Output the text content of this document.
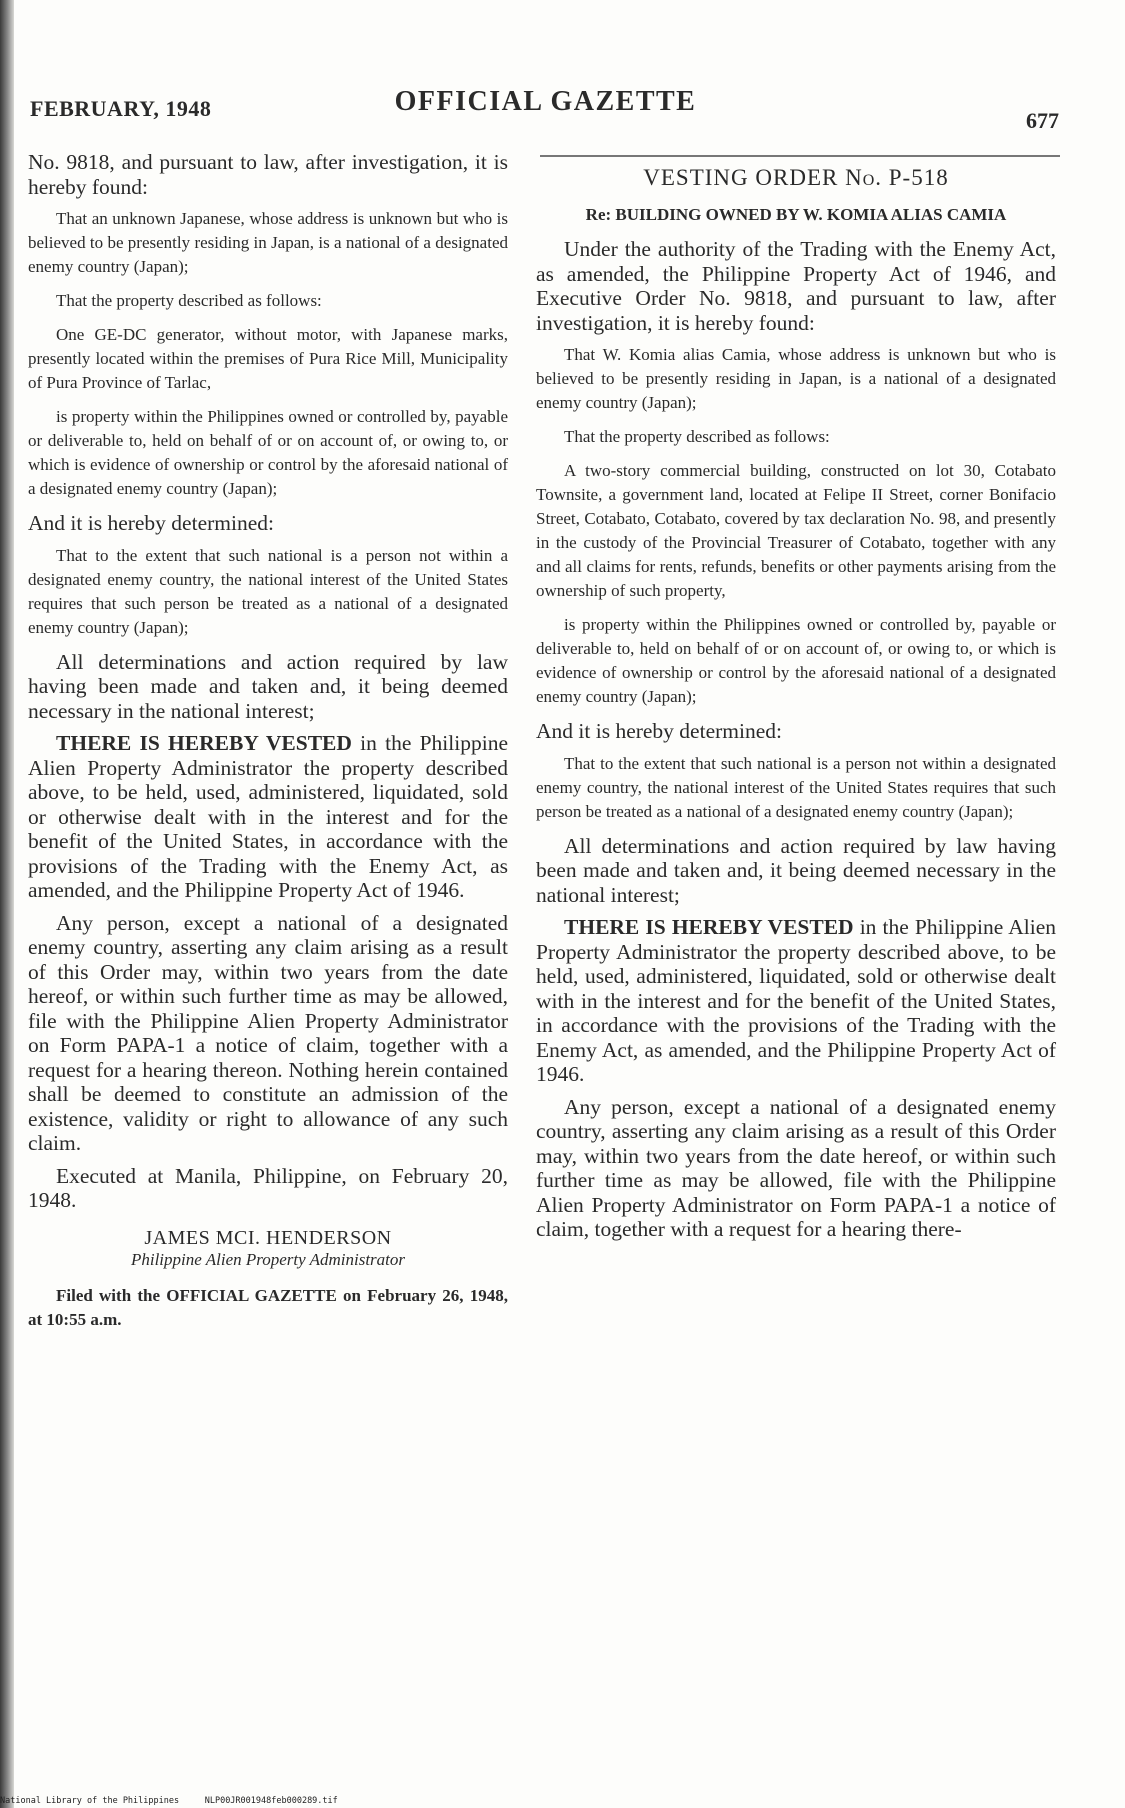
FEBRUARY, 1948	OFFICIAL GAZETTE
677

No. 9818, and pursuant to law, after investigation, it is hereby found:

That an unknown Japanese, whose address is unknown but who is believed to be presently residing in Japan, is a national of a designated enemy country (Japan);

That the property described as follows:

One GE-DC generator, without motor, with Japanese marks, presently located within the premises of Pura Rice Mill, Municipality of Pura Province of Tarlac,

is property within the Philippines owned or controlled by, payable or deliverable to, held on behalf of or on account of, or owing to, or which is evidence of ownership or control by the aforesaid national of a designated enemy country (Japan);

And it is hereby determined:

That to the extent that such national is a person not within a designated enemy country, the national interest of the United States requires that such person be treated as a national of a designated enemy country (Japan);

All determinations and action required by law having been made and taken and, it being deemed necessary in the national interest;

THERE IS HEREBY VESTED in the Philippine Alien Property Administrator the property described above, to be held, used, administered, liquidated, sold or otherwise dealt with in the interest and for the benefit of the United States, in accordance with the provisions of the Trading with the Enemy Act, as amended, and the Philippine Property Act of 1946.

Any person, except a national of a designated enemy country, asserting any claim arising as a result of this Order may, within two years from the date hereof, or within such further time as may be allowed, file with the Philippine Alien Property Administrator on Form PAPA-1 a notice of claim, together with a request for a hearing thereon. Nothing herein contained shall be deemed to constitute an admission of the existence, validity or right to allowance of any such claim.

Executed at Manila, Philippine, on February 20, 1948.

JAMES MCI. HENDERSON
Philippine Alien Property Administrator

Filed with the OFFICIAL GAZETTE on February 26, 1948, at 10:55 a.m.

VESTING ORDER No. P-518
Re: BUILDING OWNED BY W. KOMIA ALIAS CAMIA

Under the authority of the Trading with the Enemy Act, as amended, the Philippine Property Act of 1946, and Executive Order No. 9818, and pursuant to law, after investigation, it is hereby found:

That W. Komia alias Camia, whose address is unknown but who is believed to be presently residing in Japan, is a national of a designated enemy country (Japan);

That the property described as follows:

A two-story commercial building, constructed on lot 30, Cotabato Townsite, a government land, located at Felipe II Street, corner Bonifacio Street, Cotabato, Cotabato, covered by tax declaration No. 98, and presently in the custody of the Provincial Treasurer of Cotabato, together with any and all claims for rents, refunds, benefits or other payments arising from the ownership of such property,

is property within the Philippines owned or controlled by, payable or deliverable to, held on behalf of or on account of, or owing to, or which is evidence of ownership or control by the aforesaid national of a designated enemy country (Japan);

And it is hereby determined:

That to the extent that such national is a person not within a designated enemy country, the national interest of the United States requires that such person be treated as a national of a designated enemy country (Japan);

All determinations and action required by law having been made and taken and, it being deemed necessary in the national interest;

THERE IS HEREBY VESTED in the Philippine Alien Property Administrator the property described above, to be held, used, administered, liquidated, sold or otherwise dealt with in the interest and for the benefit of the United States, in accordance with the provisions of the Trading with the Enemy Act, as amended, and the Philippine Property Act of 1946.

Any person, except a national of a designated enemy country, asserting any claim arising as a result of this Order may, within two years from the date hereof, or within such further time as may be allowed, file with the Philippine Alien Property Administrator on Form PAPA-1 a notice of claim, together with a request for a hearing there-

National Library of the Philippines	NLP00JR001948feb000289.tif
